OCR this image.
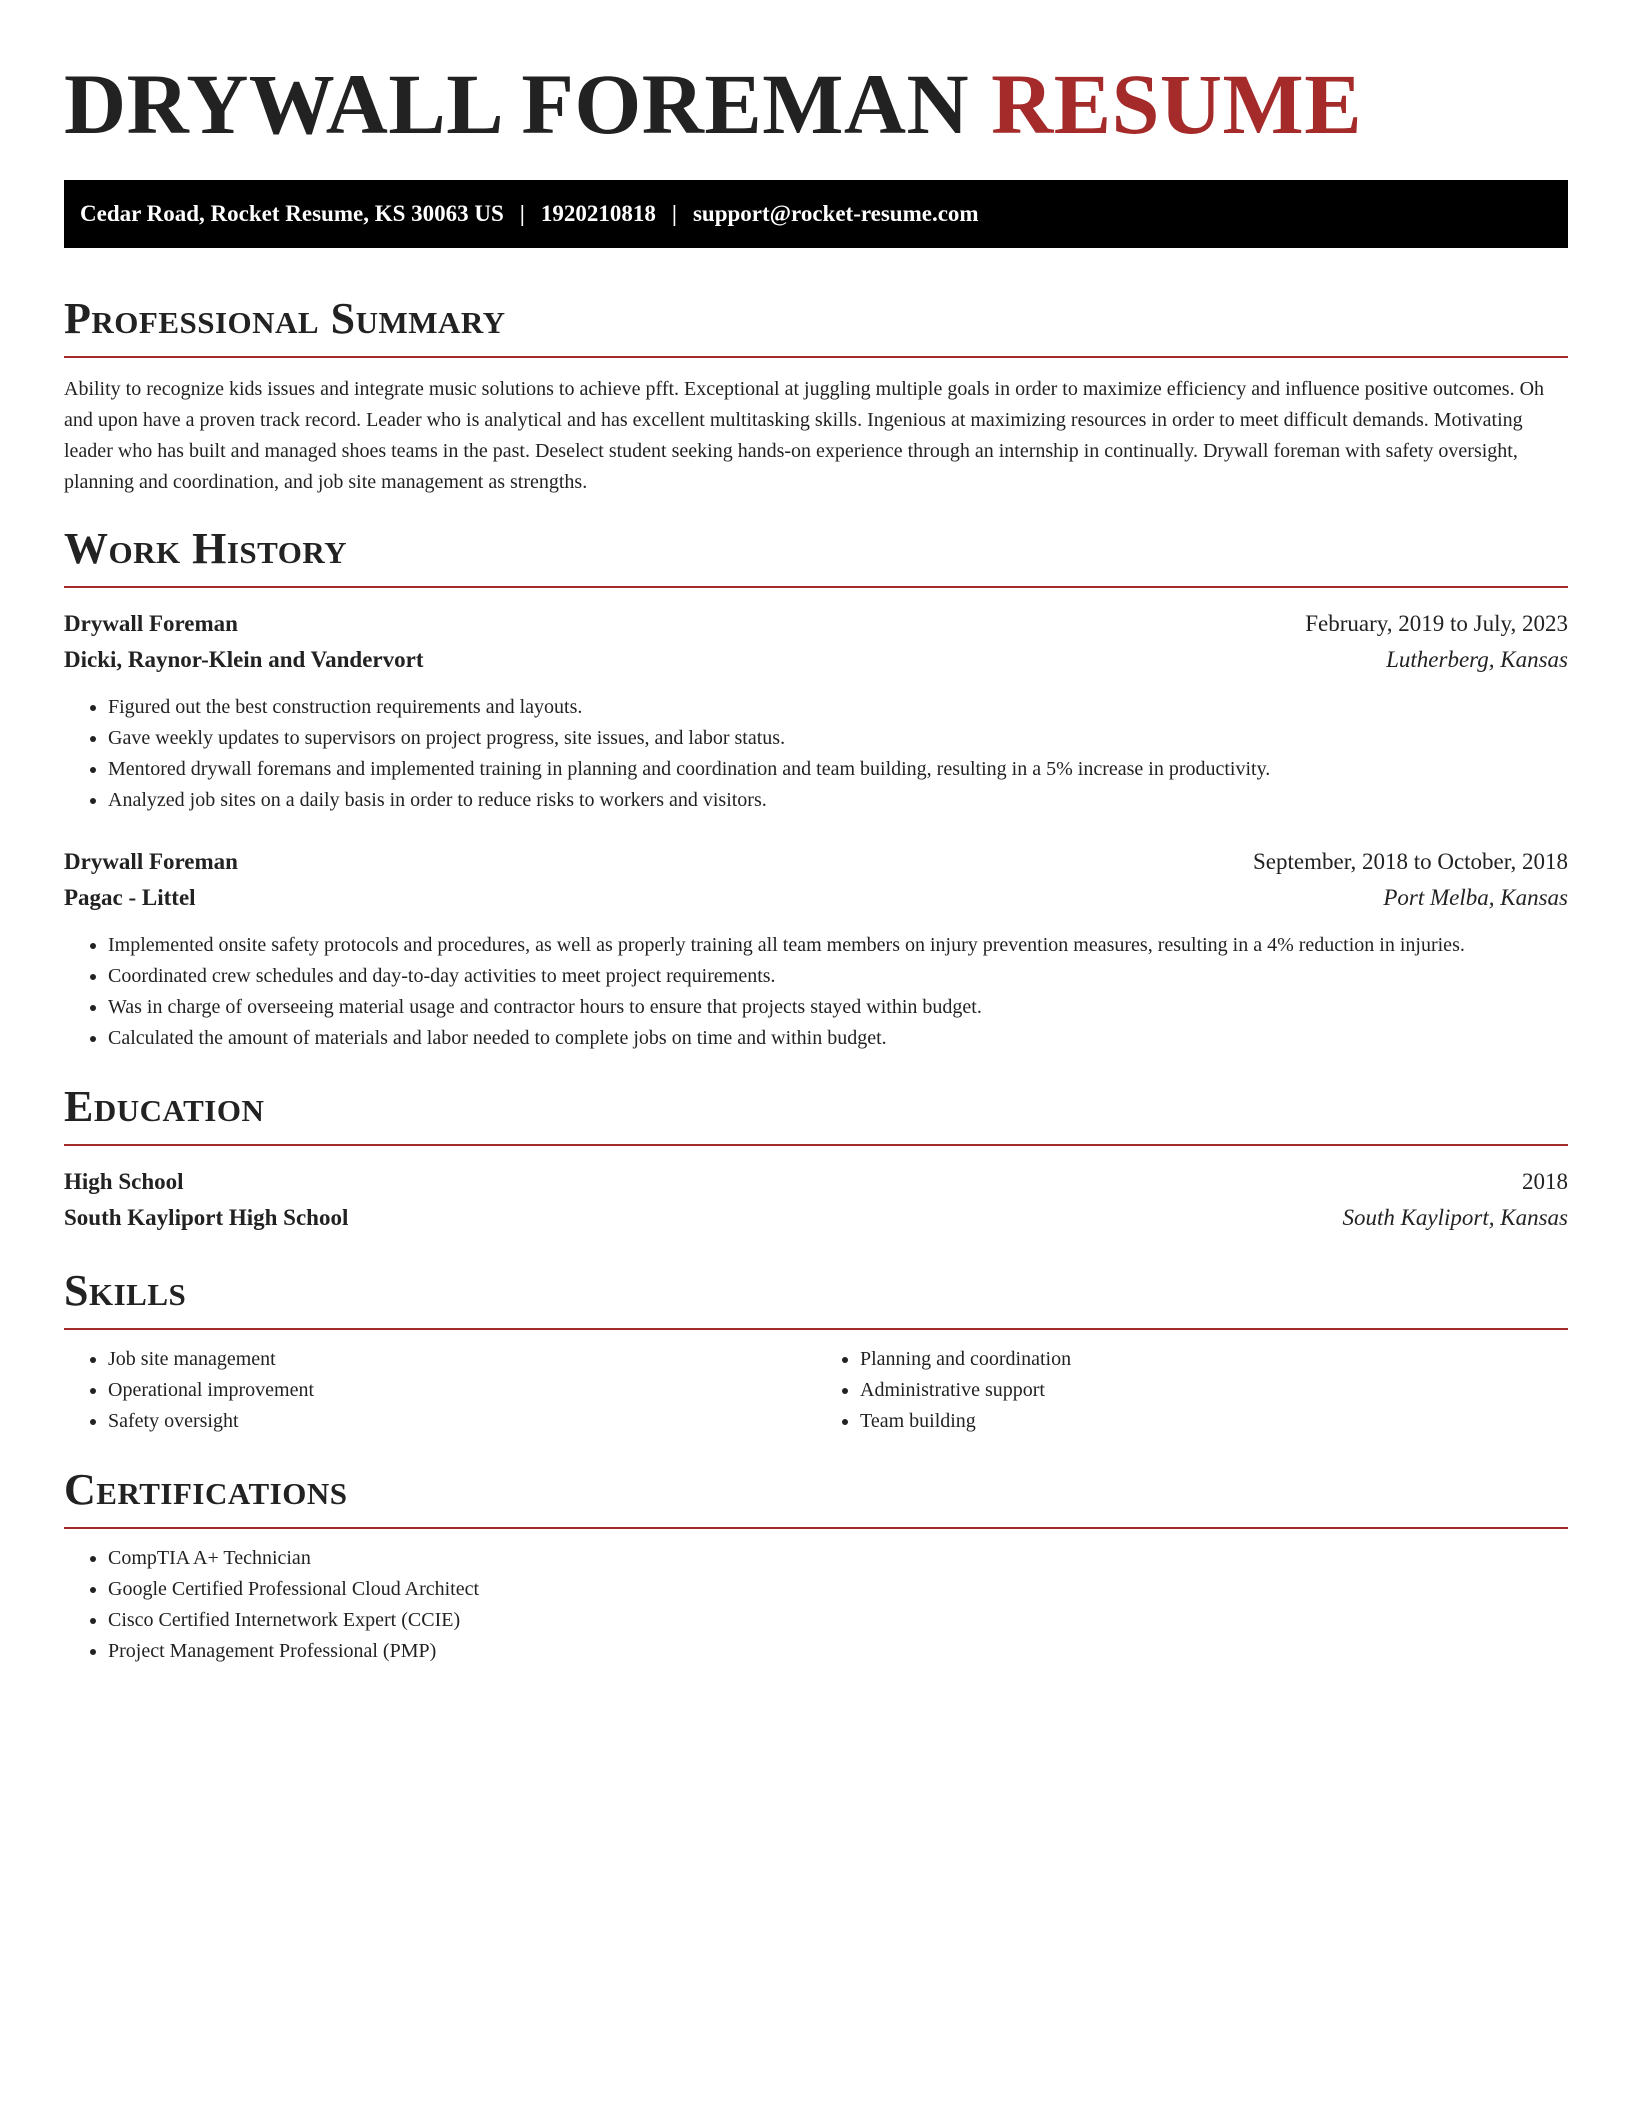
DRYWALL FOREMAN RESUME
Cedar Road, Rocket Resume, KS 30063 US | 1920210818 | support@rocket-resume.com
Professional Summary

Ability to recognize kids issues and integrate music solutions to achieve pfft. Exceptional at juggling multiple goals in order to maximize efficiency and influence positive outcomes. Oh and upon have a proven track record. Leader who is analytical and has excellent multitasking skills. Ingenious at maximizing resources in order to meet difficult demands. Motivating leader who has built and managed shoes teams in the past. Deselect student seeking hands-on experience through an internship in continually. Drywall foreman with safety oversight, planning and coordination, and job site management as strengths.

Work History
Drywall Foreman	February, 2019 to July, 2023
Dicki, Raynor-Klein and Vandervort	Lutherberg, Kansas
• Figured out the best construction requirements and layouts.
• Gave weekly updates to supervisors on project progress, site issues, and labor status.
• Mentored drywall foremans and implemented training in planning and coordination and team building, resulting in a 5% increase in productivity.
• Analyzed job sites on a daily basis in order to reduce risks to workers and visitors.
Drywall Foreman	September, 2018 to October, 2018
Pagac - Littel	Port Melba, Kansas
• Implemented onsite safety protocols and procedures, as well as properly training all team members on injury prevention measures, resulting in a 4% reduction in injuries.
• Coordinated crew schedules and day-to-day activities to meet project requirements.
• Was in charge of overseeing material usage and contractor hours to ensure that projects stayed within budget.
• Calculated the amount of materials and labor needed to complete jobs on time and within budget.
Education
High School	2018
South Kayliport High School	South Kayliport, Kansas
Skills
• Job site management
• Operational improvement
• Safety oversight
• Planning and coordination
• Administrative support
• Team building
Certifications
• CompTIA A+ Technician
• Google Certified Professional Cloud Architect
• Cisco Certified Internetwork Expert (CCIE)
• Project Management Professional (PMP)
